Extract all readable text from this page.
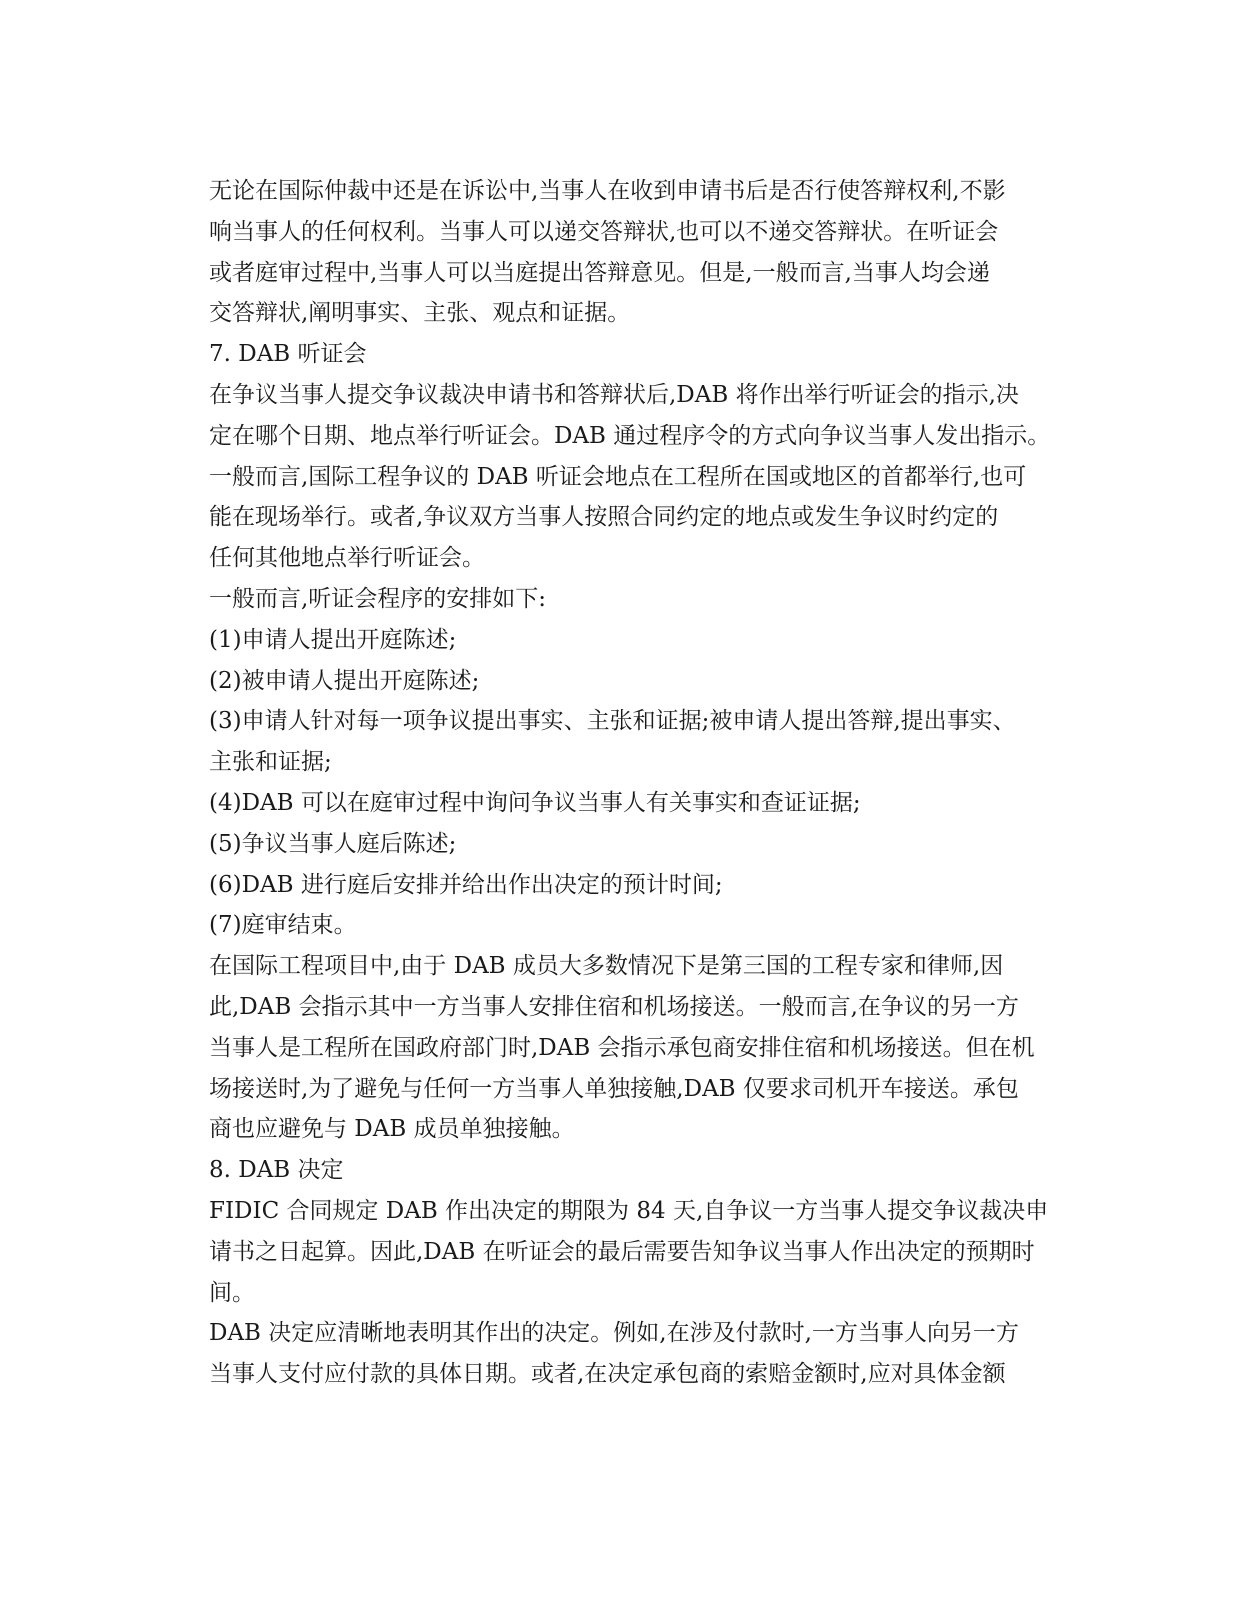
无论在国际仲裁中还是在诉讼中,当事人在收到申请书后是否行使答辩权利,不影
响当事人的任何权利。当事人可以递交答辩状,也可以不递交答辩状。在听证会
或者庭审过程中,当事人可以当庭提出答辩意见。但是,一般而言,当事人均会递
交答辩状,阐明事实、主张、观点和证据。
7. DAB 听证会
在争议当事人提交争议裁决申请书和答辩状后,DAB 将作出举行听证会的指示,决
定在哪个日期、地点举行听证会。DAB 通过程序令的方式向争议当事人发出指示。
一般而言,国际工程争议的 DAB 听证会地点在工程所在国或地区的首都举行,也可
能在现场举行。或者,争议双方当事人按照合同约定的地点或发生争议时约定的
任何其他地点举行听证会。
一般而言,听证会程序的安排如下:
(1)申请人提出开庭陈述;
(2)被申请人提出开庭陈述;
(3)申请人针对每一项争议提出事实、主张和证据;被申请人提出答辩,提出事实、
主张和证据;
(4)DAB 可以在庭审过程中询问争议当事人有关事实和查证证据;
(5)争议当事人庭后陈述;
(6)DAB 进行庭后安排并给出作出决定的预计时间;
(7)庭审结束。
在国际工程项目中,由于 DAB 成员大多数情况下是第三国的工程专家和律师,因
此,DAB 会指示其中一方当事人安排住宿和机场接送。一般而言,在争议的另一方
当事人是工程所在国政府部门时,DAB 会指示承包商安排住宿和机场接送。但在机
场接送时,为了避免与任何一方当事人单独接触,DAB 仅要求司机开车接送。承包
商也应避免与 DAB 成员单独接触。
8. DAB 决定
FIDIC 合同规定 DAB 作出决定的期限为 84 天,自争议一方当事人提交争议裁决申
请书之日起算。因此,DAB 在听证会的最后需要告知争议当事人作出决定的预期时
间。
DAB 决定应清晰地表明其作出的决定。例如,在涉及付款时,一方当事人向另一方
当事人支付应付款的具体日期。或者,在决定承包商的索赔金额时,应对具体金额
